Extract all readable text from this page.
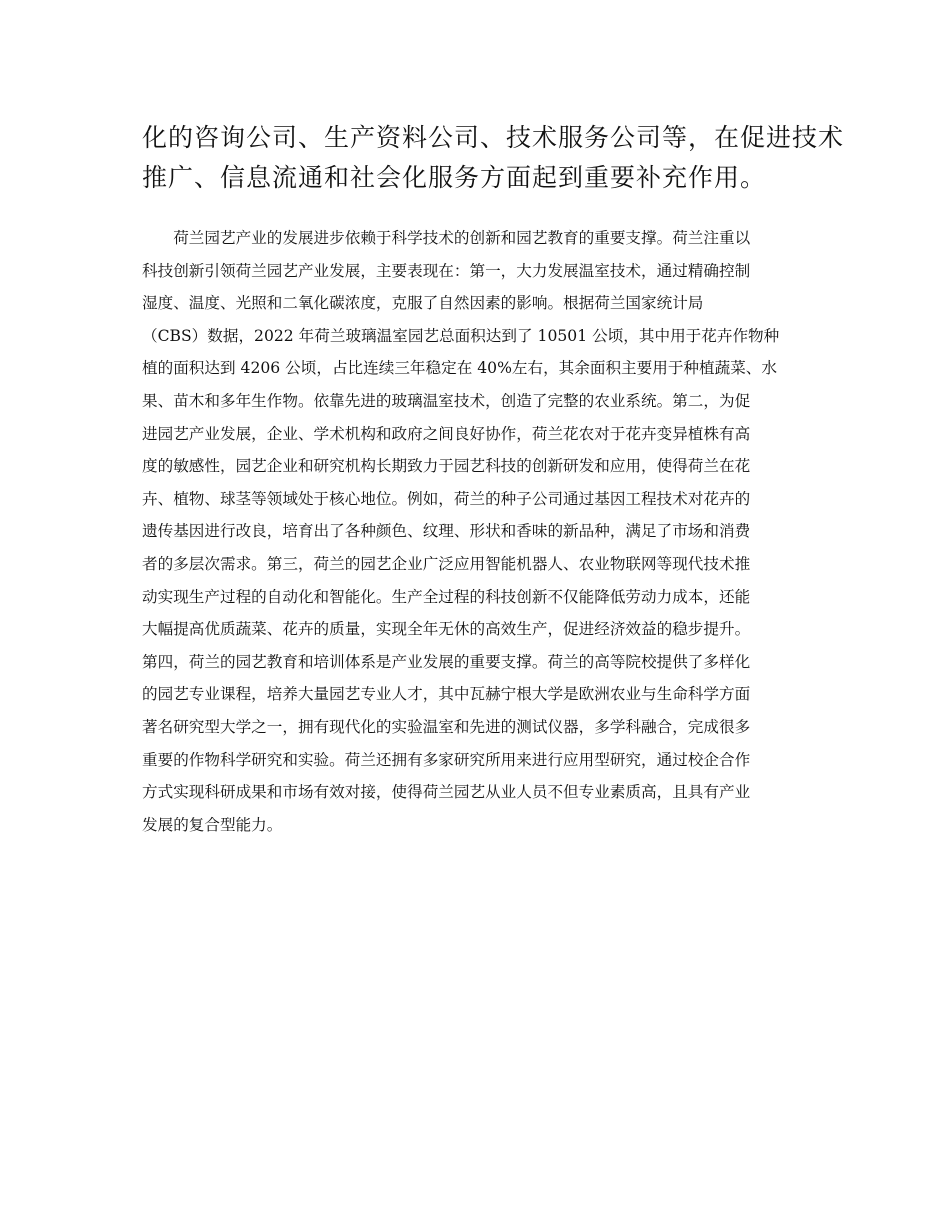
化的咨询公司、生产资料公司、技术服务公司等，在促进技术
推广、信息流通和社会化服务方面起到重要补充作用。

　　荷兰园艺产业的发展进步依赖于科学技术的创新和园艺教育的重要支撑。荷兰注重以
科技创新引领荷兰园艺产业发展，主要表现在：第一，大力发展温室技术，通过精确控制
湿度、温度、光照和二氧化碳浓度，克服了自然因素的影响。根据荷兰国家统计局
（CBS）数据，2022 年荷兰玻璃温室园艺总面积达到了 10501 公顷，其中用于花卉作物种
植的面积达到 4206 公顷，占比连续三年稳定在 40%左右，其余面积主要用于种植蔬菜、水
果、苗木和多年生作物。依靠先进的玻璃温室技术，创造了完整的农业系统。第二，为促
进园艺产业发展，企业、学术机构和政府之间良好协作，荷兰花农对于花卉变异植株有高
度的敏感性，园艺企业和研究机构长期致力于园艺科技的创新研发和应用，使得荷兰在花
卉、植物、球茎等领域处于核心地位。例如，荷兰的种子公司通过基因工程技术对花卉的
遗传基因进行改良，培育出了各种颜色、纹理、形状和香味的新品种，满足了市场和消费
者的多层次需求。第三，荷兰的园艺企业广泛应用智能机器人、农业物联网等现代技术推
动实现生产过程的自动化和智能化。生产全过程的科技创新不仅能降低劳动力成本，还能
大幅提高优质蔬菜、花卉的质量，实现全年无休的高效生产，促进经济效益的稳步提升。
第四，荷兰的园艺教育和培训体系是产业发展的重要支撑。荷兰的高等院校提供了多样化
的园艺专业课程，培养大量园艺专业人才，其中瓦赫宁根大学是欧洲农业与生命科学方面
著名研究型大学之一，拥有现代化的实验温室和先进的测试仪器，多学科融合，完成很多
重要的作物科学研究和实验。荷兰还拥有多家研究所用来进行应用型研究，通过校企合作
方式实现科研成果和市场有效对接，使得荷兰园艺从业人员不但专业素质高，且具有产业
发展的复合型能力。
